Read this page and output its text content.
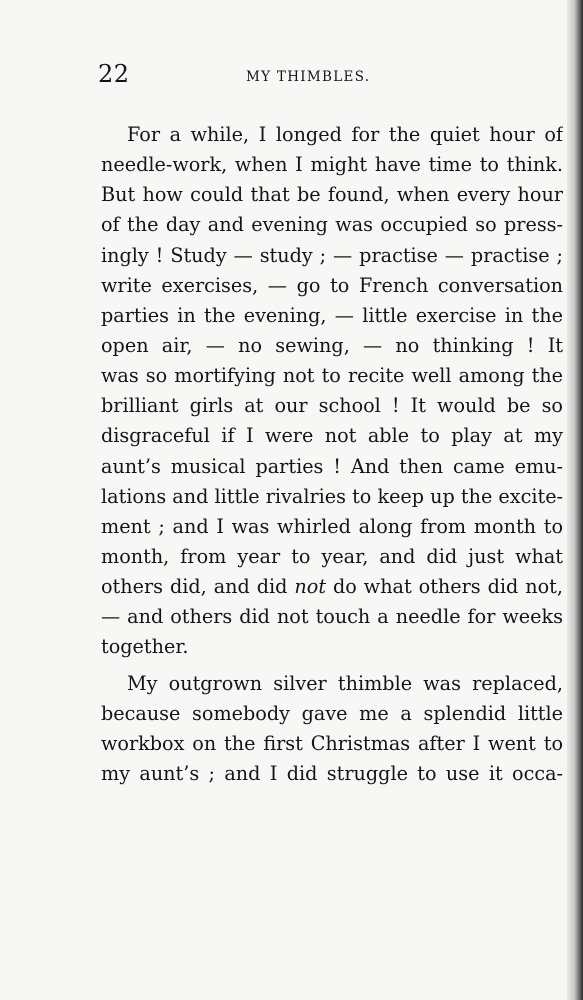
22	MY THIMBLES.
For a while, I longed for the quiet hour of
needle-work, when I might have time to think.
But how could that be found, when every hour
of the day and evening was occupied so press-
ingly ! Study — study ; — practise — practise ;
write exercises, — go to French conversation
parties in the evening, — little exercise in the
open air, — no sewing, — no thinking ! It
was so mortifying not to recite well among the
brilliant girls at our school ! It would be so
disgraceful if I were not able to play at my
aunt’s musical parties ! And then came emu-
lations and little rivalries to keep up the excite-
ment ; and I was whirled along from month to
month, from year to year, and did just what
others did, and did not do what others did not,
— and others did not touch a needle for weeks
together.
My outgrown silver thimble was replaced,
because somebody gave me a splendid little
workbox on the first Christmas after I went to
my aunt’s ; and I did struggle to use it occa-
